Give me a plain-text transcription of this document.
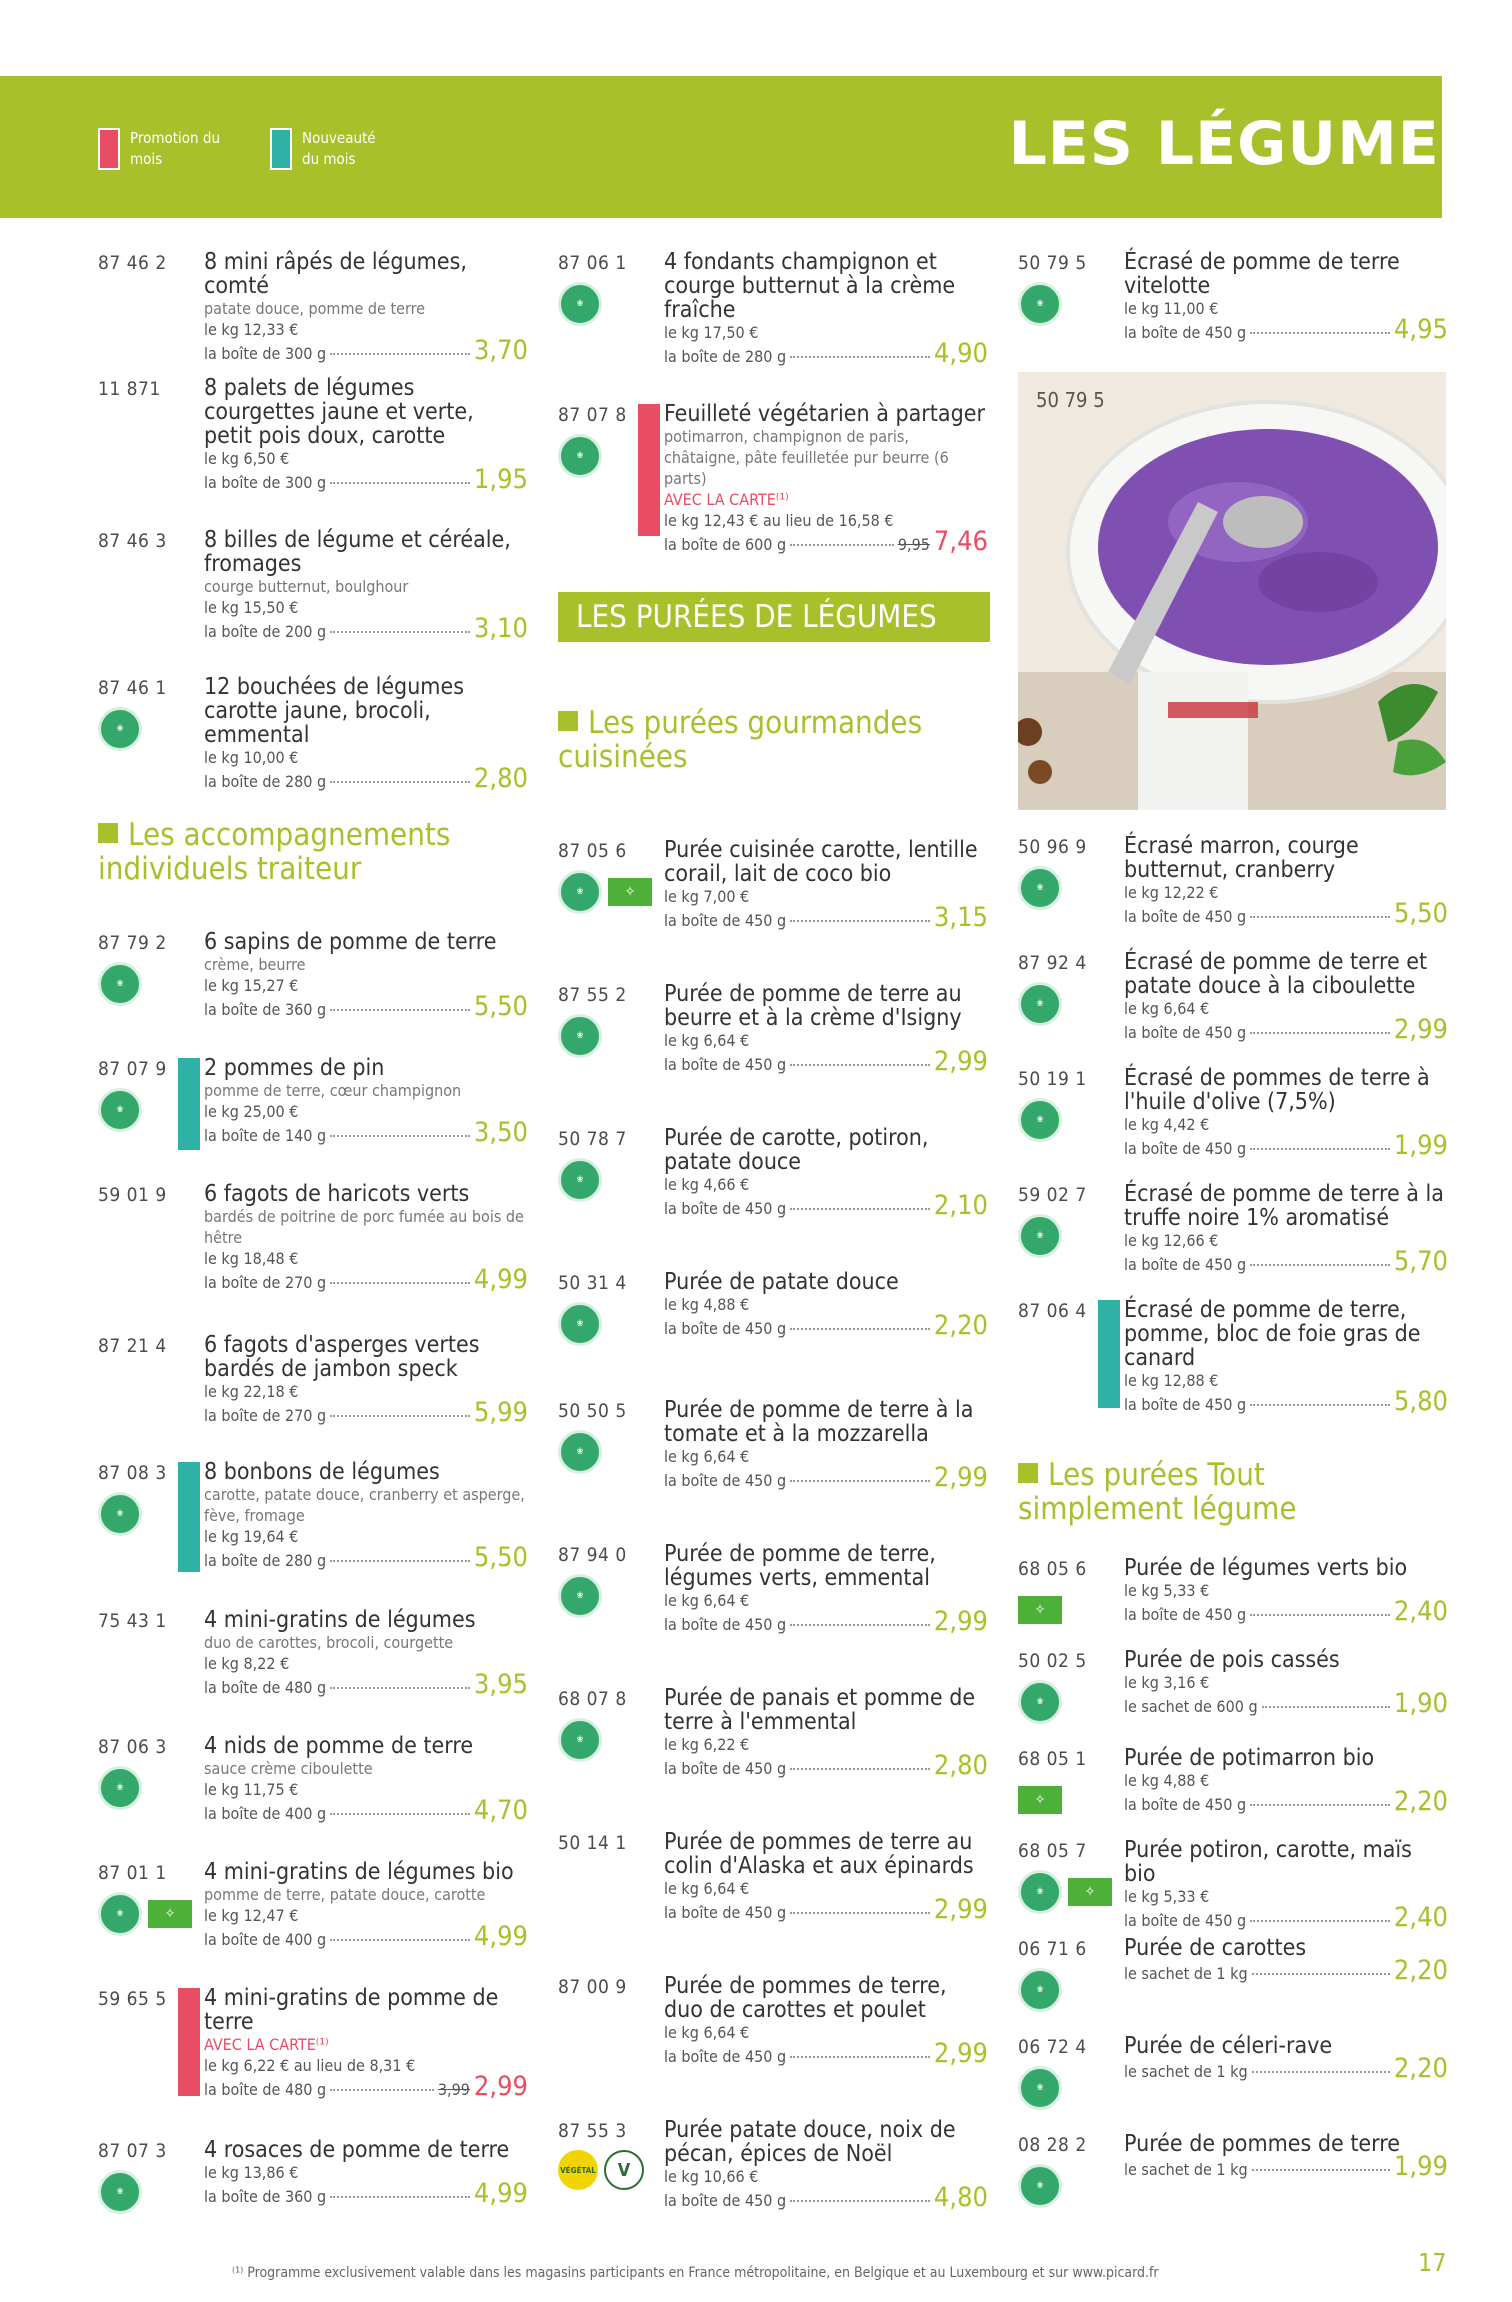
Promotion du mois
Nouveauté du mois	LES LÉGUMES
87 46 2 8 mini râpés de légumes, comté
patate douce, pomme de terre
le kg 12,33 €
la boîte de 300 g	3,70
11 871 8 palets de légumes courgettes jaune et verte, petit pois doux, carotte
le kg 6,50 €
la boîte de 300 g	1,95
87 46 3 8 billes de légume et céréale, fromages
courge butternut, boulghour
le kg 15,50 €
la boîte de 200 g	3,10
87 46 1
❀
12 bouchées de légumes carotte jaune, brocoli, emmental
le kg 10,00 €
la boîte de 280 g	2,80
87 79 2
❀
6 sapins de pomme de terre
crème, beurre
le kg 15,27 €
la boîte de 360 g	5,50
87 07 9
❀
2 pommes de pin
pomme de terre, cœur champignon
le kg 25,00 €
la boîte de 140 g	3,50
59 01 9 6 fagots de haricots verts
bardés de poitrine de porc fumée au bois de hêtre
le kg 18,48 €
la boîte de 270 g	4,99
87 21 4 6 fagots d'asperges vertes bardés de jambon speck
le kg 22,18 €
la boîte de 270 g	5,99
87 08 3
❀
8 bonbons de légumes
carotte, patate douce, cranberry et asperge, fève, fromage
le kg 19,64 €
la boîte de 280 g	5,50
75 43 1 4 mini-gratins de légumes
duo de carottes, brocoli, courgette
le kg 8,22 €
la boîte de 480 g	3,95
87 06 3
❀
4 nids de pomme de terre
sauce crème ciboulette
le kg 11,75 €
la boîte de 400 g	4,70
87 01 1
❀	✧
4 mini-gratins de légumes bio
pomme de terre, patate douce, carotte
le kg 12,47 €
la boîte de 400 g	4,99
59 65 5 4 mini-gratins de pomme de terre
AVEC LA CARTE⁽¹⁾
le kg 6,22 € au lieu de 8,31 €
la boîte de 480 g	3,99 2,99
87 07 3
❀
4 rosaces de pomme de terre
le kg 13,86 €
la boîte de 360 g	4,99
Les accompagnements individuels traiteur
87 06 1
❀
4 fondants champignon et courge butternut à la crème fraîche
le kg 17,50 €
la boîte de 280 g	4,90
87 07 8
❀
Feuilleté végétarien à partager
potimarron, champignon de paris, châtaigne, pâte feuilletée pur beurre (6 parts)
AVEC LA CARTE⁽¹⁾
le kg 12,43 € au lieu de 16,58 €
la boîte de 600 g	9,95 7,46
87 05 6
❀	✧
Purée cuisinée carotte, lentille corail, lait de coco bio
le kg 7,00 €
la boîte de 450 g	3,15
87 55 2
❀
Purée de pomme de terre au beurre et à la crème d'Isigny
le kg 6,64 €
la boîte de 450 g	2,99
50 78 7
❀
Purée de carotte, potiron, patate douce
le kg 4,66 €
la boîte de 450 g	2,10
50 31 4
❀
Purée de patate douce
le kg 4,88 €
la boîte de 450 g	2,20
50 50 5
❀
Purée de pomme de terre à la tomate et à la mozzarella
le kg 6,64 €
la boîte de 450 g	2,99
87 94 0
❀
Purée de pomme de terre, légumes verts, emmental
le kg 6,64 €
la boîte de 450 g	2,99
68 07 8
❀
Purée de panais et pomme de terre à l'emmental
le kg 6,22 €
la boîte de 450 g	2,80
50 14 1 Purée de pommes de terre au colin d'Alaska et aux épinards
le kg 6,64 €
la boîte de 450 g	2,99
87 00 9 Purée de pommes de terre, duo de carottes et poulet
le kg 6,64 €
la boîte de 450 g	2,99
87 55 3
VÉGÉTAL	V
Purée patate douce, noix de pécan, épices de Noël
le kg 10,66 €
la boîte de 450 g	4,80
LES PURÉES DE LÉGUMES
Les purées gourmandes cuisinées
50 79 5
❀
Écrasé de pomme de terre vitelotte
le kg 11,00 €
la boîte de 450 g	4,95
50 96 9
❀
Écrasé marron, courge butternut, cranberry
le kg 12,22 €
la boîte de 450 g	5,50
87 92 4
❀
Écrasé de pomme de terre et patate douce à la ciboulette
le kg 6,64 €
la boîte de 450 g	2,99
50 19 1
❀
Écrasé de pommes de terre à l'huile d'olive (7,5%)
le kg 4,42 €
la boîte de 450 g	1,99
59 02 7
❀
Écrasé de pomme de terre à la truffe noire 1% aromatisé
le kg 12,66 €
la boîte de 450 g	5,70
87 06 4 Écrasé de pomme de terre, pomme, bloc de foie gras de canard
le kg 12,88 €
la boîte de 450 g	5,80
68 05 6
✧
Purée de légumes verts bio
le kg 5,33 €
la boîte de 450 g	2,40
50 02 5
❀
Purée de pois cassés
le kg 3,16 €
le sachet de 600 g	1,90
68 05 1
✧
Purée de potimarron bio
le kg 4,88 €
la boîte de 450 g	2,20
68 05 7
❀	✧
Purée potiron, carotte, maïs bio
le kg 5,33 €
la boîte de 450 g	2,40
06 71 6
❀
Purée de carottes
le sachet de 1 kg	2,20
06 72 4
❀
Purée de céleri-rave
le sachet de 1 kg	2,20
08 28 2
❀
Purée de pommes de terre
le sachet de 1 kg	1,99
50 79 5
Les purées Tout simplement légume
⁽¹⁾ Programme exclusivement valable dans les magasins participants en France métropolitaine, en Belgique et au Luxembourg et sur www.picard.fr	17
